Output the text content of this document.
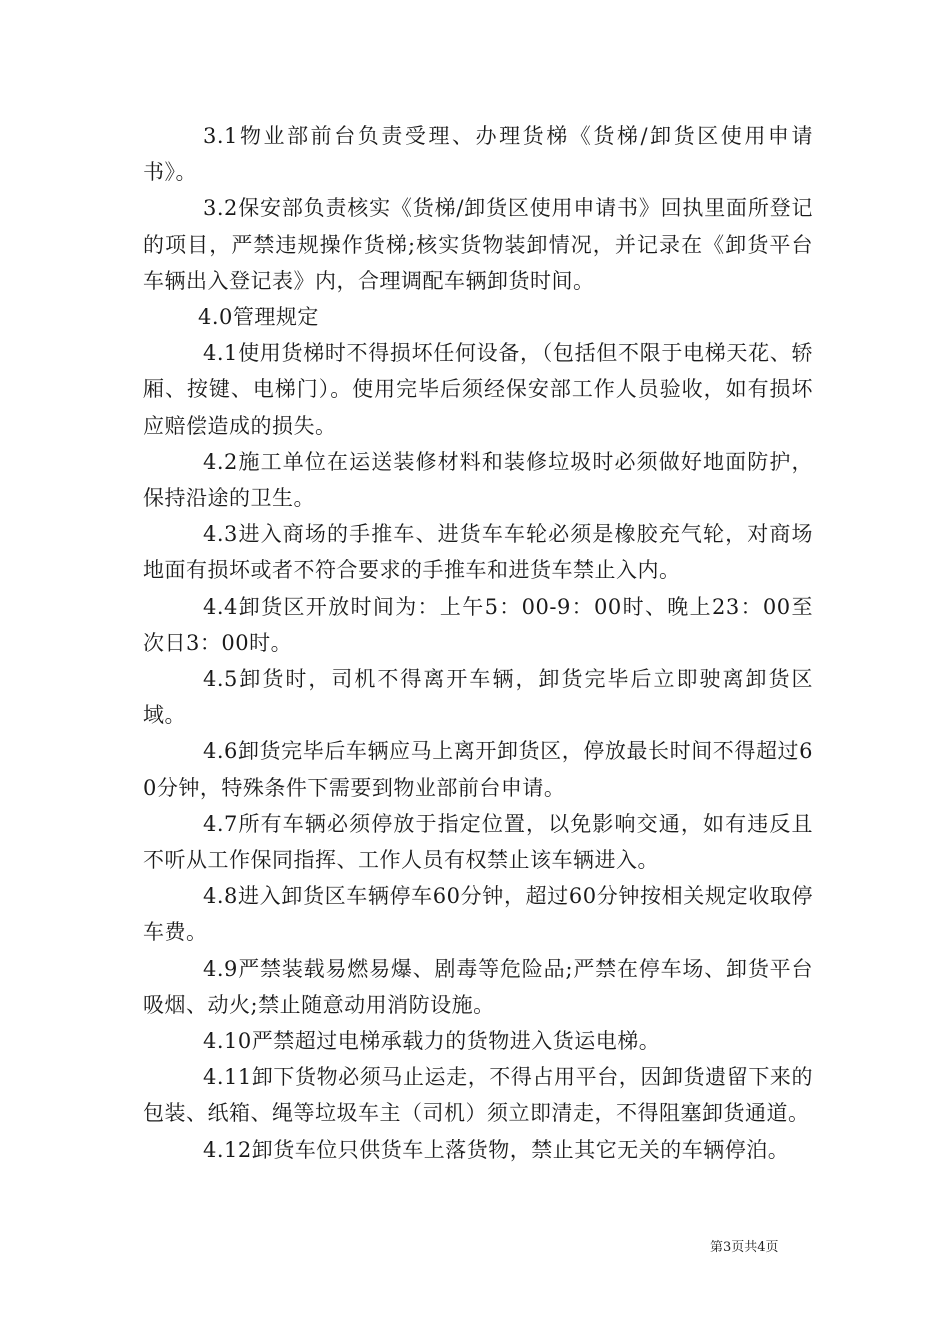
3.1物业部前台负责受理、办理货梯《货梯/卸货区使用申请书》。

3.2保安部负责核实《货梯/卸货区使用申请书》回执里面所登记的项目，严禁违规操作货梯;核实货物装卸情况，并记录在《卸货平台车辆出入登记表》内，合理调配车辆卸货时间。

4.0管理规定

4.1使用货梯时不得损坏任何设备，（包括但不限于电梯天花、轿厢、按键、电梯门）。使用完毕后须经保安部工作人员验收，如有损坏应赔偿造成的损失。

4.2施工单位在运送装修材料和装修垃圾时必须做好地面防护，保持沿途的卫生。

4.3进入商场的手推车、进货车车轮必须是橡胶充气轮，对商场地面有损坏或者不符合要求的手推车和进货车禁止入内。

4.4卸货区开放时间为：上午5：00-9：00时、晚上23：00至次日3：00时。

4.5卸货时，司机不得离开车辆，卸货完毕后立即驶离卸货区域。

4.6卸货完毕后车辆应马上离开卸货区，停放最长时间不得超过60分钟，特殊条件下需要到物业部前台申请。

4.7所有车辆必须停放于指定位置，以免影响交通，如有违反且不听从工作保同指挥、工作人员有权禁止该车辆进入。

4.8进入卸货区车辆停车60分钟，超过60分钟按相关规定收取停车费。

4.9严禁装载易燃易爆、剧毒等危险品;严禁在停车场、卸货平台吸烟、动火;禁止随意动用消防设施。

4.10严禁超过电梯承载力的货物进入货运电梯。

4.11卸下货物必须马止运走，不得占用平台，因卸货遗留下来的包装、纸箱、绳等垃圾车主（司机）须立即清走，不得阻塞卸货通道。

4.12卸货车位只供货车上落货物，禁止其它无关的车辆停泊。

第3页共4页
